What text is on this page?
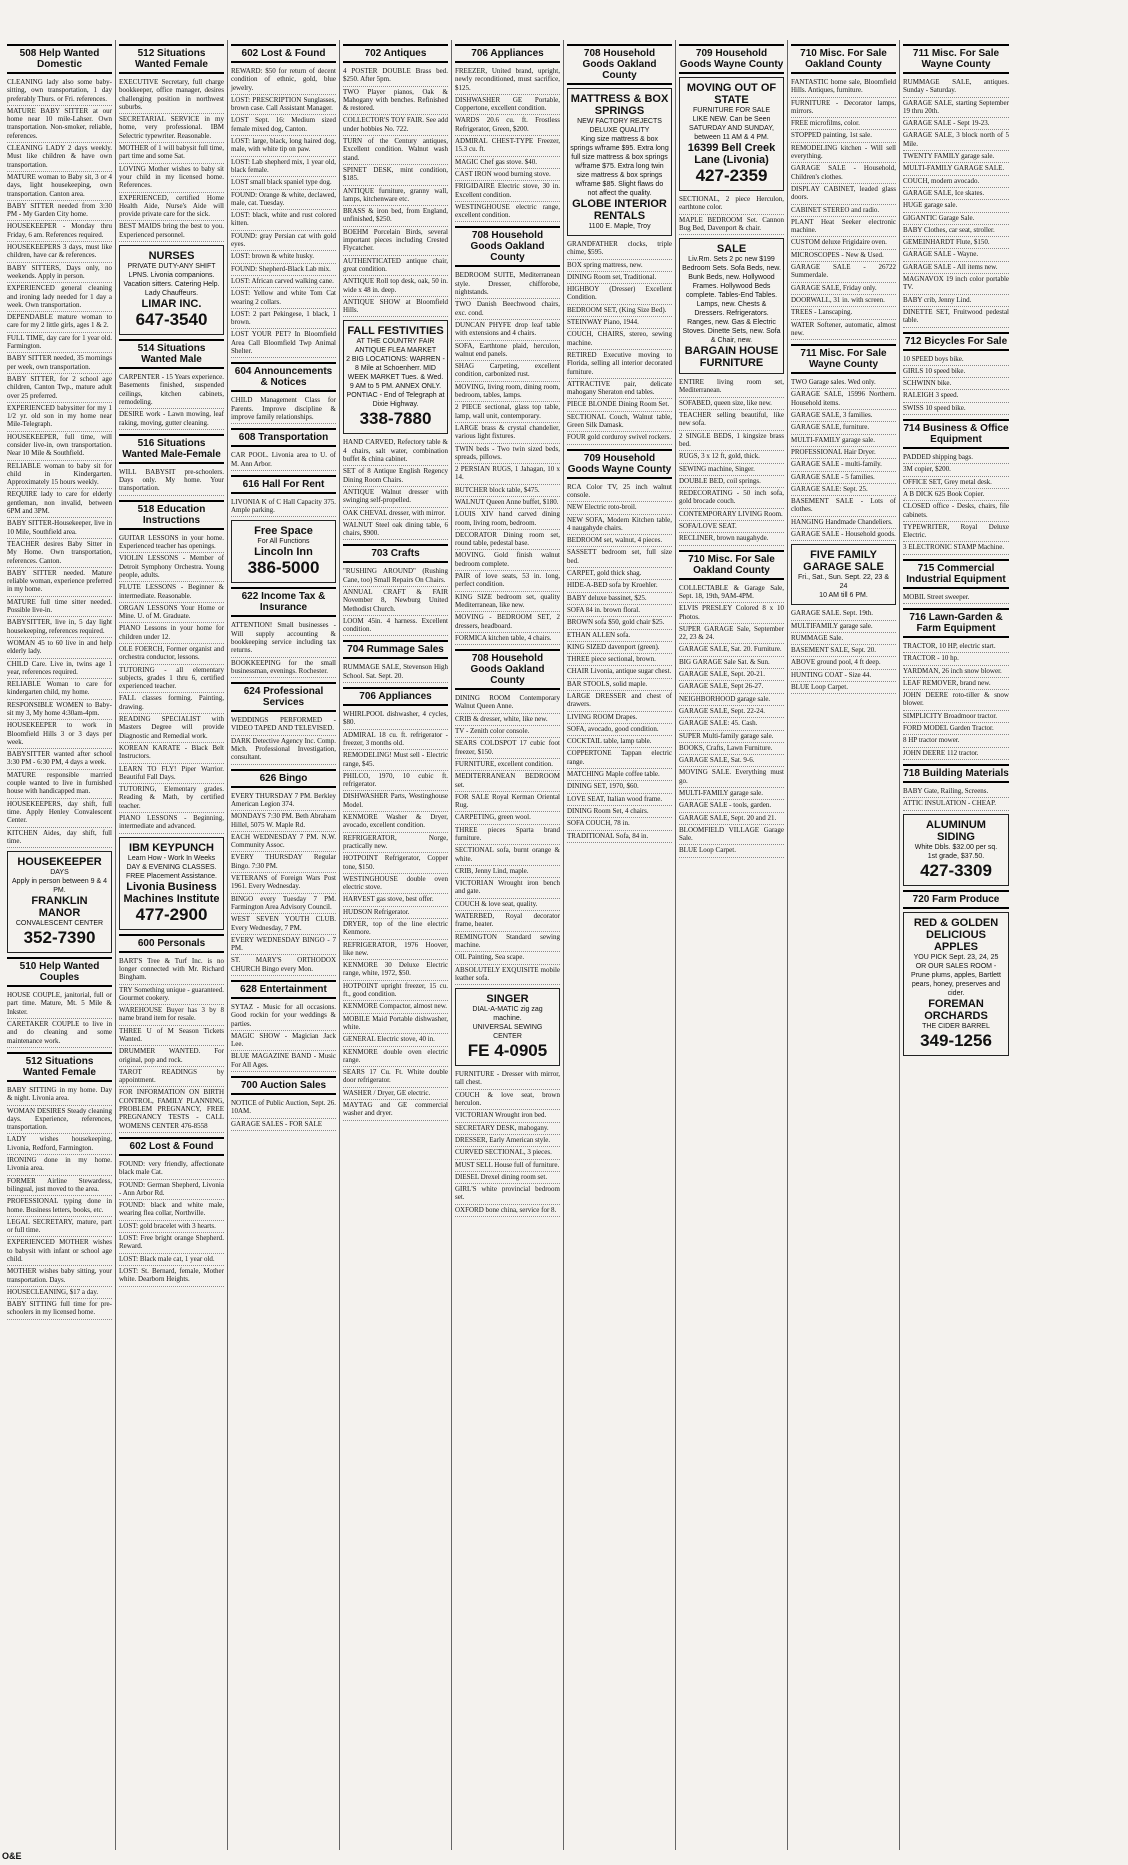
508 Help Wanted Domestic

CLEANING lady also some baby-sitting, own transportation, 1 day preferably Thurs. or Fri. references.

MATURE BABY SITTER at our home near 10 mile-Lahser. Own transportation. Non-smoker, reliable, references.

CLEANING LADY 2 days weekly. Must like children & have own transportation.

MATURE woman to Baby sit, 3 or 4 days, light housekeeping, own transportation. Canton area.

BABY SITTER needed from 3:30 PM - My Garden City home.

HOUSEKEEPER - Monday thru Friday, 6 am. References required.

HOUSEKEEPERS 3 days, must like children, have car & references.

BABY SITTERS, Days only, no weekends. Apply in person.

EXPERIENCED general cleaning and ironing lady needed for 1 day a week. Own transportation.

DEPENDABLE mature woman to care for my 2 little girls, ages 1 & 2.

FULL TIME, day care for 1 year old. Farmington.

BABY SITTER needed, 35 mornings per week, own transportation.

BABY SITTER, for 2 school age children, Canton Twp., mature adult over 25 preferred.

EXPERIENCED babysitter for my 1 1/2 yr. old son in my home near Mile-Telegraph.

HOUSEKEEPER, full time, will consider live-in, own transportation. Near 10 Mile & Southfield.

RELIABLE woman to baby sit for child in Kindergarten. Approximately 15 hours weekly.

REQUIRE lady to care for elderly gentleman, non invalid, between 6PM and 3PM.

BABY SITTER-Housekeeper, live in 10 Mile, Southfield area.

TEACHER desires Baby Sitter in My Home. Own transportation, references. Canton.

BABY SITTER needed. Mature reliable woman, experience preferred in my home.

MATURE full time sitter needed. Possible live-in.

BABYSITTER, live in, 5 day light housekeeping, references required.

WOMAN 45 to 60 live in and help elderly lady.

CHILD Care. Live in, twins age 1 year, references required.

RELIABLE Woman to care for kindergarten child, my home.

RESPONSIBLE WOMEN to Baby-sit my 3, My home 4:30am-4pm.

HOUSEKEEPER to work in Bloomfield Hills 3 or 3 days per week.

BABYSITTER wanted after school 3:30 PM - 6:30 PM, 4 days a week.

MATURE responsible married couple wanted to live in furnished house with handicapped man.

HOUSEKEEPERS, day shift, full time. Apply Henley Convalescent Center.

KITCHEN Aides, day shift, full time.

HOUSEKEEPER
DAYS
Apply in person between 9 & 4 PM.
FRANKLIN MANOR
CONVALESCENT CENTER
352-7390
510 Help Wanted Couples

HOUSE COUPLE, janitorial, full or part time. Mature, Mt. 5 Mile & Inkster.

CARETAKER COUPLE to live in and do cleaning and some maintenance work.

512 Situations Wanted Female

BABY SITTING in my home. Day & night. Livonia area.

WOMAN DESIRES Steady cleaning days. Experience, references, transportation.

LADY wishes housekeeping, Livonia, Redford, Farmington.

IRONING done in my home. Livonia area.

FORMER Airline Stewardess, bilingual, just moved to the area.

PROFESSIONAL typing done in home. Business letters, books, etc.

LEGAL SECRETARY, mature, part or full time.

EXPERIENCED MOTHER wishes to babysit with infant or school age child.

MOTHER wishes baby sitting, your transportation. Days.

HOUSECLEANING, $17 a day.

BABY SITTING full time for pre-schoolers in my licensed home.

512 Situations Wanted Female

EXECUTIVE Secretary, full charge bookkeeper, office manager, desires challenging position in northwest suburbs.

SECRETARIAL SERVICE in my home, very professional. IBM Selectric typewriter. Reasonable.

MOTHER of 1 will babysit full time, part time and some Sat.

LOVING Mother wishes to baby sit your child in my licensed home. References.

EXPERIENCED, certified Home Health Aide, Nurse's Aide will provide private care for the sick.

BEST MAIDS bring the best to you. Experienced personnel.

NURSES
PRIVATE DUTY-ANY SHIFT
LPNS. Livonia companions. Vacation sitters. Catering Help. Lady Chauffeurs.
LIMAR INC.
647-3540
514 Situations Wanted Male

CARPENTER - 15 Years experience. Basements finished, suspended ceilings, kitchen cabinets, remodeling.

DESIRE work - Lawn mowing, leaf raking, moving, gutter cleaning.

516 Situations Wanted Male-Female

WILL BABYSIT pre-schoolers. Days only. My home. Your transportation.

518 Education Instructions

GUITAR LESSONS in your home. Experienced teacher has openings.

VIOLIN LESSONS - Member of Detroit Symphony Orchestra. Young people, adults.

FLUTE LESSONS - Beginner & intermediate. Reasonable.

ORGAN LESSONS Your Home or Mine. U. of M. Graduate.

PIANO Lessons in your home for children under 12.

OLE FOERCH, Former organist and orchestra conductor, lessons.

TUTORING - all elementary subjects, grades 1 thru 6, certified experienced teacher.

FALL classes forming. Painting, drawing.

READING SPECIALIST with Masters Degree will provide Diagnostic and Remedial work.

KOREAN KARATE - Black Belt Instructors.

LEARN TO FLY! Piper Warrior. Beautiful Fall Days.

TUTORING, Elementary grades. Reading & Math, by certified teacher.

PIANO LESSONS - Beginning, intermediate and advanced.

IBM KEYPUNCH
Learn How - Work In Weeks
DAY & EVENING CLASSES. FREE Placement Assistance.
Livonia Business Machines Institute
477-2900
600 Personals

BART'S Tree & Turf Inc. is no longer connected with Mr. Richard Bingham.

TRY Something unique - guaranteed. Gourmet cookery.

WAREHOUSE Buyer has 3 by 8 name brand item for resale.

THREE U of M Season Tickets Wanted.

DRUMMER WANTED. For original, pop and rock.

TAROT READINGS by appointment.

FOR INFORMATION ON BIRTH CONTROL, FAMILY PLANNING, PROBLEM PREGNANCY, FREE PREGNANCY TESTS - CALL WOMENS CENTER 476-8558

602 Lost & Found

FOUND: very friendly, affectionate black male Cat.

FOUND: German Shepherd, Livonia - Ann Arbor Rd.

FOUND: black and white male, wearing flea collar, Northville.

LOST: gold bracelet with 3 hearts.

LOST: Free bright orange Shepherd. Reward.

LOST: Black male cat, 1 year old.

LOST: St. Bernard, female, Mother white. Dearborn Heights.

602 Lost & Found

REWARD: $50 for return of decent condition of ethnic, gold, blue jewelry.

LOST: PRESCRIPTION Sunglasses, brown case. Call Assistant Manager.

LOST Sept. 16: Medium sized female mixed dog, Canton.

LOST: large, black, long haired dog, male, with white tip on paw.

LOST: Lab shepherd mix, 1 year old, black female.

LOST small black spaniel type dog.

FOUND: Orange & white, declawed, male, cat. Tuesday.

LOST: black, white and rust colored kitten.

FOUND: gray Persian cat with gold eyes.

LOST: brown & white husky.

FOUND: Shepherd-Black Lab mix.

LOST: African carved walking cane.

LOST: Yellow and white Tom Cat wearing 2 collars.

LOST: 2 part Pekingese, 1 black, 1 brown.

LOST YOUR PET? In Bloomfield Area Call Bloomfield Twp Animal Shelter.

604 Announcements & Notices

CHILD Management Class for Parents. Improve discipline & improve family relationships.

608 Transportation

CAR POOL. Livonia area to U. of M. Ann Arbor.

616 Hall For Rent

LIVONIA K of C Hall Capacity 375. Ample parking.

Free Space
For All Functions
Lincoln Inn
386-5000
622 Income Tax & Insurance

ATTENTION! Small businesses - Will supply accounting & bookkeeping service including tax returns.

BOOKKEEPING for the small businessman, evenings. Rochester.

624 Professional Services

WEDDINGS PERFORMED - VIDEO TAPED AND TELEVISED.

DARK Detective Agency Inc. Comp. Mich. Professional Investigation, consultant.

626 Bingo

EVERY THURSDAY 7 PM. Berkley American Legion 374.

MONDAYS 7:30 PM. Beth Abraham Hillel, 5075 W. Maple Rd.

EACH WEDNESDAY 7 PM. N.W. Community Assoc.

EVERY THURSDAY Regular Bingo. 7:30 PM.

VETERANS of Foreign Wars Post 1961. Every Wednesday.

BINGO every Tuesday 7 PM. Farmington Area Advisory Council.

WEST SEVEN YOUTH CLUB. Every Wednesday, 7 PM.

EVERY WEDNESDAY BINGO - 7 PM.

ST. MARY'S ORTHODOX CHURCH Bingo every Mon.

628 Entertainment

SYTAZ - Music for all occasions. Good rockin for your weddings & parties.

MAGIC SHOW - Magician Jack Lee.

BLUE MAGAZINE BAND - Music For All Ages.

700 Auction Sales

NOTICE of Public Auction, Sept. 26. 10AM.

GARAGE SALES - FOR SALE

702 Antiques

4 POSTER DOUBLE Brass bed. $250. After 5pm.

TWO Player pianos, Oak & Mahogany with benches. Refinished & restored.

COLLECTOR'S TOY FAIR. See add under hobbies No. 722.

TURN of the Century antiques, Excellent condition. Walnut wash stand.

SPINET DESK, mint condition, $185.

ANTIQUE furniture, granny wall, lamps, kitchenware etc.

BRASS & iron bed, from England, unfinished, $250.

BOEHM Porcelain Birds, several important pieces including Crested Flycatcher.

AUTHENTICATED antique chair, great condition.

ANTIQUE Roll top desk, oak, 50 in. wide x 48 in. deep.

ANTIQUE SHOW at Bloomfield Hills.

FALL FESTIVITIES
AT THE COUNTRY FAIR ANTIQUE FLEA MARKET
2 BIG LOCATIONS: WARREN - 8 Mile at Schoenherr. MID WEEK MARKET Tues. & Wed. 9 AM to 5 PM. ANNEX ONLY. PONTIAC - End of Telegraph at Dixie Highway.
338-7880

HAND CARVED, Refectory table & 4 chairs, salt water, combination buffet & china cabinet.

SET of 8 Antique English Regency Dining Room Chairs.

ANTIQUE Walnut dresser with swinging self-propelled.

OAK CHEVAL dresser, with mirror.

WALNUT Steel oak dining table, 6 chairs, $900.

703 Crafts

"RUSHING AROUND" (Rushing Cane, too) Small Repairs On Chairs.

ANNUAL CRAFT & FAIR November 8, Newburg United Methodist Church.

LOOM 45in. 4 harness. Excellent condition.

704 Rummage Sales

RUMMAGE SALE, Stevenson High School. Sat. Sept. 20.

706 Appliances

WHIRLPOOL dishwasher, 4 cycles, $80.

ADMIRAL 18 cu. ft. refrigerator - freezer, 3 months old.

REMODELING! Must sell - Electric range, $45.

PHILCO, 1970, 10 cubic ft. refrigerator.

DISHWASHER Parts, Westinghouse Model.

KENMORE Washer & Dryer, avocado, excellent condition.

REFRIGERATOR, Norge, practically new.

HOTPOINT Refrigerator, Copper tone, $150.

WESTINGHOUSE double oven electric stove.

HARVEST gas stove, best offer.

HUDSON Refrigerator.

DRYER, top of the line electric Kenmore.

REFRIGERATOR, 1976 Hoover, like new.

KENMORE 30 Deluxe Electric range, white, 1972, $50.

HOTPOINT upright freezer, 15 cu. ft., good condition.

KENMORE Compactor, almost new.

MOBILE Maid Portable dishwasher, white.

GENERAL Electric stove, 40 in.

KENMORE double oven electric range.

SEARS 17 Cu. Ft. White double door refrigerator.

WASHER / Dryer, GE electric.

MAYTAG and GE commercial washer and dryer.

706 Appliances

FREEZER, United brand, upright, newly reconditioned, must sacrifice, $125.

DISHWASHER GE Portable, Coppertone, excellent condition.

WARDS 20.6 cu. ft. Frostless Refrigerator, Green, $200.

ADMIRAL CHEST-TYPE Freezer, 15.3 cu. ft.

MAGIC Chef gas stove. $40.

CAST IRON wood burning stove.

FRIGIDAIRE Electric stove, 30 in. Excellent condition.

WESTINGHOUSE electric range, excellent condition.

708 Household Goods Oakland County

BEDROOM SUITE, Mediterranean style. Dresser, chifforobe, nightstands.

TWO Danish Beechwood chairs, exc. cond.

DUNCAN PHYFE drop leaf table with extensions and 4 chairs.

SOFA, Earthtone plaid, herculon, walnut end panels.

SHAG Carpeting, excellent condition, carbonized rust.

MOVING, living room, dining room, bedroom, tables, lamps.

2 PIECE sectional, glass top table, lamp, wall unit, contemporary.

LARGE brass & crystal chandelier, various light fixtures.

TWIN beds - Two twin sized beds, spreads, pillows.

2 PERSIAN RUGS, 1 Jahagan, 10 x 14.

BUTCHER block table, $475.

WALNUT Queen Anne buffet, $180.

LOUIS XIV hand carved dining room, living room, bedroom.

DECORATOR Dining room set, round table, pedestal base.

MOVING. Gold finish walnut bedroom complete.

PAIR of love seats, 53 in. long, perfect condition.

KING SIZE bedroom set, quality Mediterranean, like new.

MOVING - BEDROOM SET, 2 dressers, headboard.

FORMICA kitchen table, 4 chairs.

708 Household Goods Oakland County

DINING ROOM Contemporary Walnut Queen Anne.

CRIB & dresser, white, like new.

TV - Zenith color console.

SEARS COLDSPOT 17 cubic foot freezer, $150.

FURNITURE, excellent condition.

MEDITERRANEAN BEDROOM set.

FOR SALE Royal Kerman Oriental Rug.

CARPETING, green wool.

THREE pieces Sparta brand furniture.

SECTIONAL sofa, burnt orange & white.

CRIB, Jenny Lind, maple.

VICTORIAN Wrought iron bench and gate.

COUCH & love seat, quality.

WATERBED, Royal decorator frame, heater.

REMINGTON Standard sewing machine.

OIL Painting, Sea scape.

ABSOLUTELY EXQUISITE mobile leather sofa.

SINGER
DIAL-A-MATIC zig zag machine.
UNIVERSAL SEWING CENTER
FE 4-0905

FURNITURE - Dresser with mirror, tall chest.

COUCH & love seat, brown herculon.

VICTORIAN Wrought iron bed.

SECRETARY DESK, mahogany.

DRESSER, Early American style.

CURVED SECTIONAL, 3 pieces.

MUST SELL House full of furniture.

DIESEL Drexel dining room set.

GIRL'S white provincial bedroom set.

OXFORD bone china, service for 8.

708 Household Goods Oakland County
MATTRESS & BOX SPRINGS
NEW FACTORY REJECTS DELUXE QUALITY
King size mattress & box springs w/frame $95. Extra long full size mattress & box springs w/frame $75. Extra long twin size mattress & box springs w/frame $85. Slight flaws do not affect the quality.
GLOBE INTERIOR RENTALS
1100 E. Maple, Troy

GRANDFATHER clocks, triple chime, $595.

BOX spring mattress, new.

DINING Room set, Traditional.

HIGHBOY (Dresser) Excellent Condition.

BEDROOM SET, (King Size Bed).

STEINWAY Piano, 1944.

COUCH, CHAIRS, stereo, sewing machine.

RETIRED Executive moving to Florida, selling all interior decorated furniture.

ATTRACTIVE pair, delicate mahogany Sheraton end tables.

PIECE BLONDE Dining Room Set.

SECTIONAL Couch, Walnut table, Green Silk Damask.

FOUR gold corduroy swivel rockers.

709 Household Goods Wayne County

RCA Color TV, 25 inch walnut console.

NEW Electric roto-broil.

NEW SOFA, Modern Kitchen table, 4 naugahyde chairs.

BEDROOM set, walnut, 4 pieces.

SASSETT bedroom set, full size bed.

CARPET, gold thick shag.

HIDE-A-BED sofa by Kroehler.

BABY deluxe bassinet, $25.

SOFA 84 in. brown floral.

BROWN sofa $50, gold chair $25.

ETHAN ALLEN sofa.

KING SIZED davenport (green).

THREE piece sectional, brown.

CHAIR Livonia, antique sugar chest.

BAR STOOLS, solid maple.

LARGE DRESSER and chest of drawers.

LIVING ROOM Drapes.

SOFA, avocado, good condition.

COCKTAIL table, lamp table.

COPPERTONE Tappan electric range.

MATCHING Maple coffee table.

DINING SET, 1970, $60.

LOVE SEAT, Italian wood frame.

DINING Room Set, 4 chairs.

SOFA COUCH, 78 in.

TRADITIONAL Sofa, 84 in.

709 Household Goods Wayne County
MOVING OUT OF STATE
FURNITURE FOR SALE
LIKE NEW. Can be Seen SATURDAY AND SUNDAY, between 11 AM & 4 PM.
16399 Bell Creek Lane (Livonia)
427-2359

SECTIONAL, 2 piece Herculon, earthtone color.

MAPLE BEDROOM Set. Cannon Bug Bed, Davenport & chair.

SALE
Liv.Rm. Sets 2 pc new $199
Bedroom Sets. Sofa Beds, new. Bunk Beds, new. Hollywood Frames. Hollywood Beds complete. Tables-End Tables. Lamps, new. Chests & Dressers. Refrigerators. Ranges, new. Gas & Electric Stoves. Dinette Sets, new. Sofa & Chair, new.
BARGAIN HOUSE FURNITURE

ENTIRE living room set, Mediterranean.

SOFABED, queen size, like new.

TEACHER selling beautiful, like new sofa.

2 SINGLE BEDS, 1 kingsize brass bed.

RUGS, 3 x 12 ft, gold, thick.

SEWING machine, Singer.

DOUBLE BED, coil springs.

REDECORATING - 50 inch sofa, gold brocade couch.

CONTEMPORARY LIVING Room.

SOFA/LOVE SEAT.

RECLINER, brown naugahyde.

710 Misc. For Sale Oakland County

COLLECTABLE & Garage Sale, Sept. 18, 19th, 9AM-4PM.

ELVIS PRESLEY Colored 8 x 10 Photos.

SUPER GARAGE Sale, September 22, 23 & 24.

GARAGE SALE, Sat. 20. Furniture.

BIG GARAGE Sale Sat. & Sun.

GARAGE SALE, Sept. 20-21.

GARAGE SALE, Sept 26-27.

NEIGHBORHOOD garage sale.

GARAGE SALE, Sept. 22-24.

GARAGE SALE: 45. Cash.

SUPER Multi-family garage sale.

BOOKS, Crafts, Lawn Furniture.

GARAGE SALE, Sat. 9-6.

MOVING SALE. Everything must go.

MULTI-FAMILY garage sale.

GARAGE SALE - tools, garden.

GARAGE SALE, Sept. 20 and 21.

BLOOMFIELD VILLAGE Garage Sale.

BLUE Loop Carpet.

710 Misc. For Sale Oakland County

FANTASTIC home sale, Bloomfield Hills. Antiques, furniture.

FURNITURE - Decorator lamps, mirrors.

FREE microfilms, color.

STOPPED painting, 1st sale.

REMODELING kitchen - Will sell everything.

GARAGE SALE - Household, Children's clothes.

DISPLAY CABINET, leaded glass doors.

CABINET STEREO and radio.

PLANT Heat Seeker electronic machine.

CUSTOM deluxe Frigidaire oven.

MICROSCOPES - New & Used.

GARAGE SALE - 26722 Summerdale.

GARAGE SALE, Friday only.

DOORWALL, 31 in. with screen.

TREES - Lanscaping.

WATER Softener, automatic, almost new.

711 Misc. For Sale Wayne County

TWO Garage sales. Wed only.

GARAGE SALE, 15996 Northern. Household items.

GARAGE SALE, 3 families.

GARAGE SALE, furniture.

MULTI-FAMILY garage sale.

PROFESSIONAL Hair Dryer.

GARAGE SALE - multi-family.

GARAGE SALE - 5 families.

GARAGE SALE: Sept. 25.

BASEMENT SALE - Lots of clothes.

HANGING Handmade Chandeliers.

GARAGE SALE - Household goods.

FIVE FAMILY GARAGE SALE
Fri., Sat., Sun. Sept. 22, 23 & 24
10 AM till 6 PM.

GARAGE SALE. Sept. 19th.

MULTIFAMILY garage sale.

RUMMAGE Sale.

BASEMENT SALE, Sept. 20.

ABOVE ground pool, 4 ft deep.

HUNTING COAT - Size 44.

BLUE Loop Carpet.

711 Misc. For Sale Wayne County

RUMMAGE SALE, antiques. Sunday - Saturday.

GARAGE SALE, starting September 19 thru 20th.

GARAGE SALE - Sept 19-23.

GARAGE SALE, 3 block north of 5 Mile.

TWENTY FAMILY garage sale.

MULTI-FAMILY GARAGE SALE.

COUCH, modern avocado.

GARAGE SALE, Ice skates.

HUGE garage sale.

GIGANTIC Garage Sale.

BABY Clothes, car seat, stroller.

GEMEINHARDT Flute, $150.

GARAGE SALE - Wayne.

GARAGE SALE - All items new.

MAGNAVOX 19 inch color portable TV.

BABY crib, Jenny Lind.

DINETTE SET, Fruitwood pedestal table.

712 Bicycles For Sale

10 SPEED boys bike.

GIRLS 10 speed bike.

SCHWINN bike.

RALEIGH 3 speed.

SWISS 10 speed bike.

714 Business & Office Equipment

PADDED shipping bags.

3M copier, $200.

OFFICE SET, Grey metal desk.

A B DICK 625 Book Copier.

CLOSED office - Desks, chairs, file cabinets.

TYPEWRITER, Royal Deluxe Electric.

3 ELECTRONIC STAMP Machine.

715 Commercial Industrial Equipment

MOBIL Street sweeper.

716 Lawn-Garden & Farm Equipment

TRACTOR, 10 HP, electric start.

TRACTOR - 10 hp.

YARDMAN, 26 inch snow blower.

LEAF REMOVER, brand new.

JOHN DEERE roto-tiller & snow blower.

SIMPLICITY Broadmoor tractor.

FORD MODEL Garden Tractor.

8 HP tractor mower.

JOHN DEERE 112 tractor.

718 Building Materials

BABY Gate, Railing, Screens.

ATTIC INSULATION - CHEAP.

ALUMINUM SIDING
White Dbls. $32.00 per sq.
1st grade, $37.50.
427-3309
720 Farm Produce
RED & GOLDEN DELICIOUS APPLES
YOU PICK Sept. 23, 24, 25
OR OUR SALES ROOM - Prune plums, apples, Bartlett pears, honey, preserves and cider.
FOREMAN ORCHARDS
THE CIDER BARREL
349-1256
O&E
